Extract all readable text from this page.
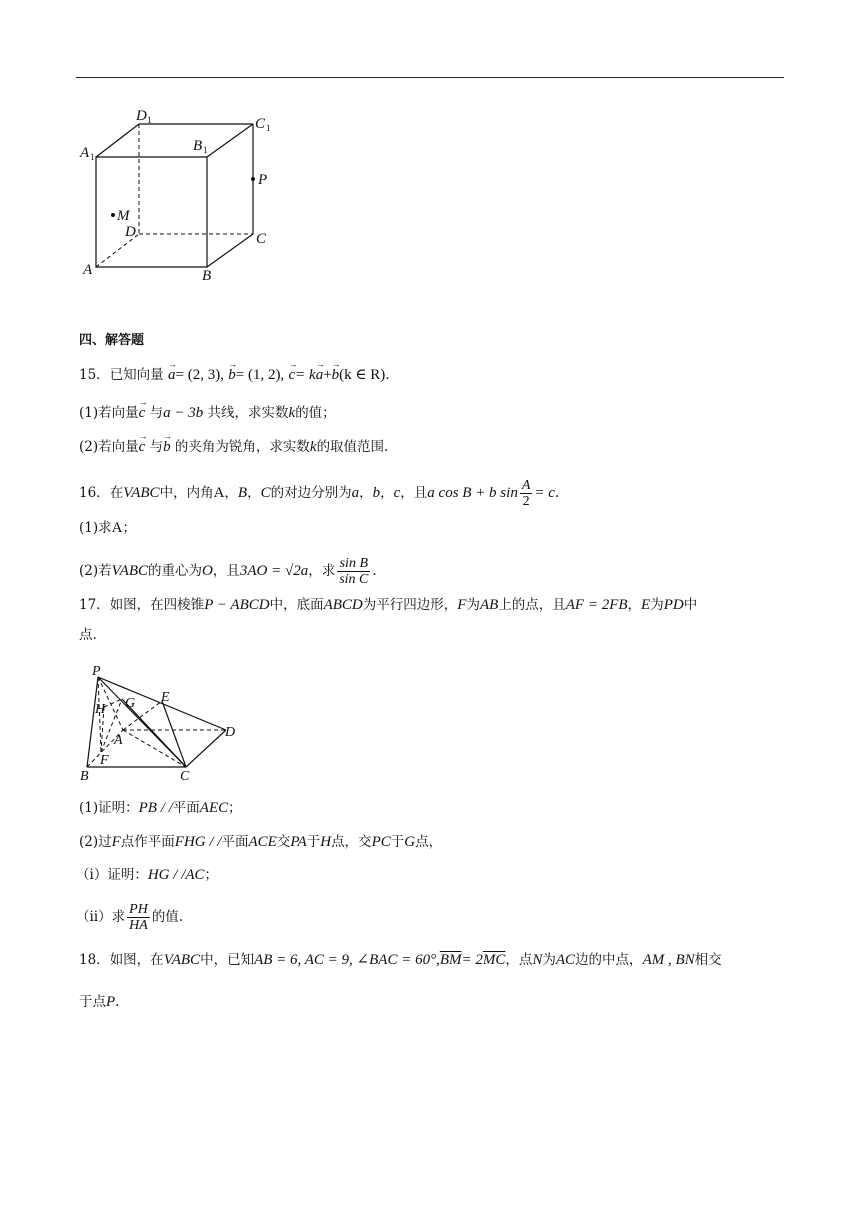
D 1	C 1
A 1
B 1
P
M
D	C
A	B
四、解答题
15．已知向量 → a= (2, 3), → b= (1, 2), → c= k→ a+→ b(k ∈ R).
(1)若向量→ c 与a − 3b 共线，求实数k的值；
(2)若向量→ c 与→ b 的夹角为锐角，求实数k的取值范围.
16．在VABC中，内角A，B，C的对边分别为a，b，c，且a cos B + b $\sin \frac{A}{2} = c$.
(1)求A；
(2)若VABC的重心为O，且3AO = √2a，求 $\frac{\text{sin B}}{\text{sin C}}$ .
17．如图，在四棱锥P − ABCD中，底面ABCD为平行四边形，F为AB上的点，且AF = 2FB，E为PD中
点.
P
H G E
A
D
F
B	C
(1)证明：PB / /平面AEC；
(2)过F点作平面FHG / /平面ACE交PA于H点，交PC于G点，
（ⅰ）证明：HG / /AC；
（ⅱ）求 $\frac{PH}{HA}$ 的值.
18．如图，在VABC中，已知AB = 6, AC = 9, ∠BAC = $60^\circ,\overline{BM}= 2\overline{MC}$，点N为AC边的中点，AM , BN相交
于点P.
